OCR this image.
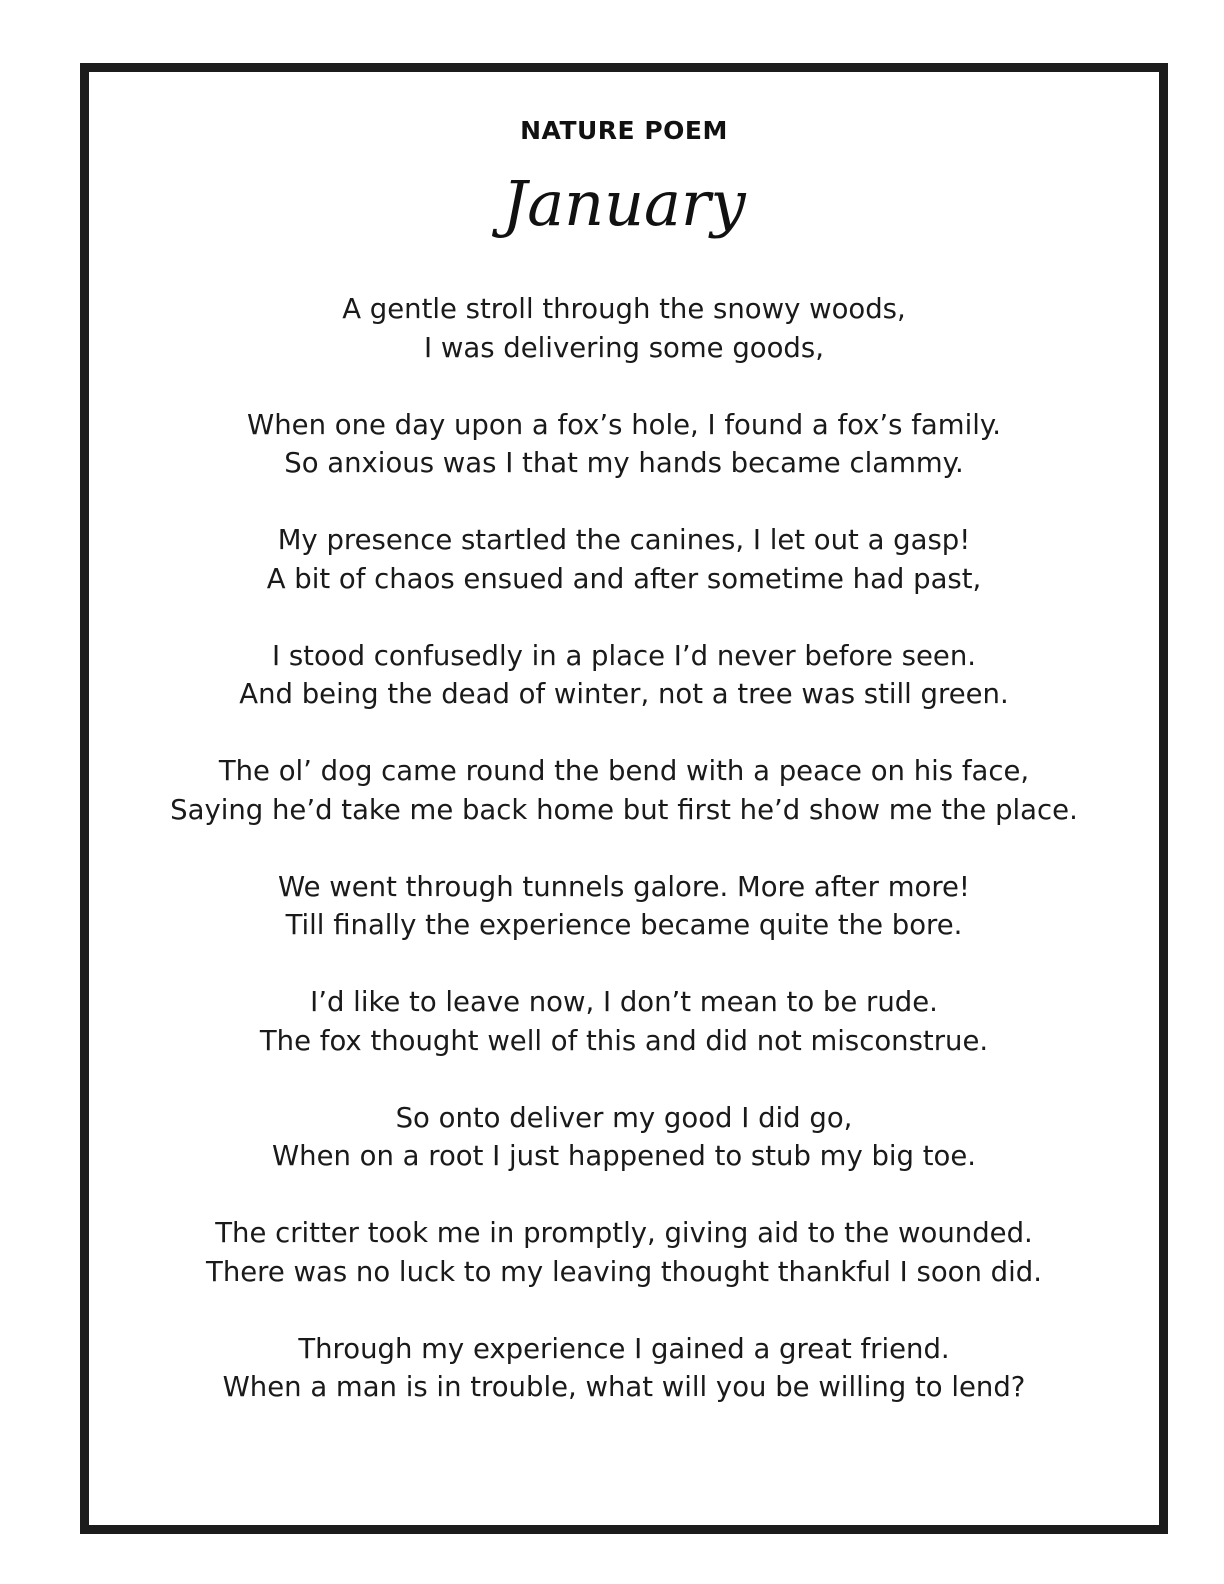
NATURE POEM
January
A gentle stroll through the snowy woods,
I was delivering some goods,
When one day upon a fox’s hole, I found a fox’s family.
So anxious was I that my hands became clammy.
My presence startled the canines, I let out a gasp!
A bit of chaos ensued and after sometime had past,
I stood confusedly in a place I’d never before seen.
And being the dead of winter, not a tree was still green.
The ol’ dog came round the bend with a peace on his face,
Saying he’d take me back home but first he’d show me the place.
We went through tunnels galore. More after more!
Till finally the experience became quite the bore.
I’d like to leave now, I don’t mean to be rude.
The fox thought well of this and did not misconstrue.
So onto deliver my good I did go,
When on a root I just happened to stub my big toe.
The critter took me in promptly, giving aid to the wounded.
There was no luck to my leaving thought thankful I soon did.
Through my experience I gained a great friend.
When a man is in trouble, what will you be willing to lend?
